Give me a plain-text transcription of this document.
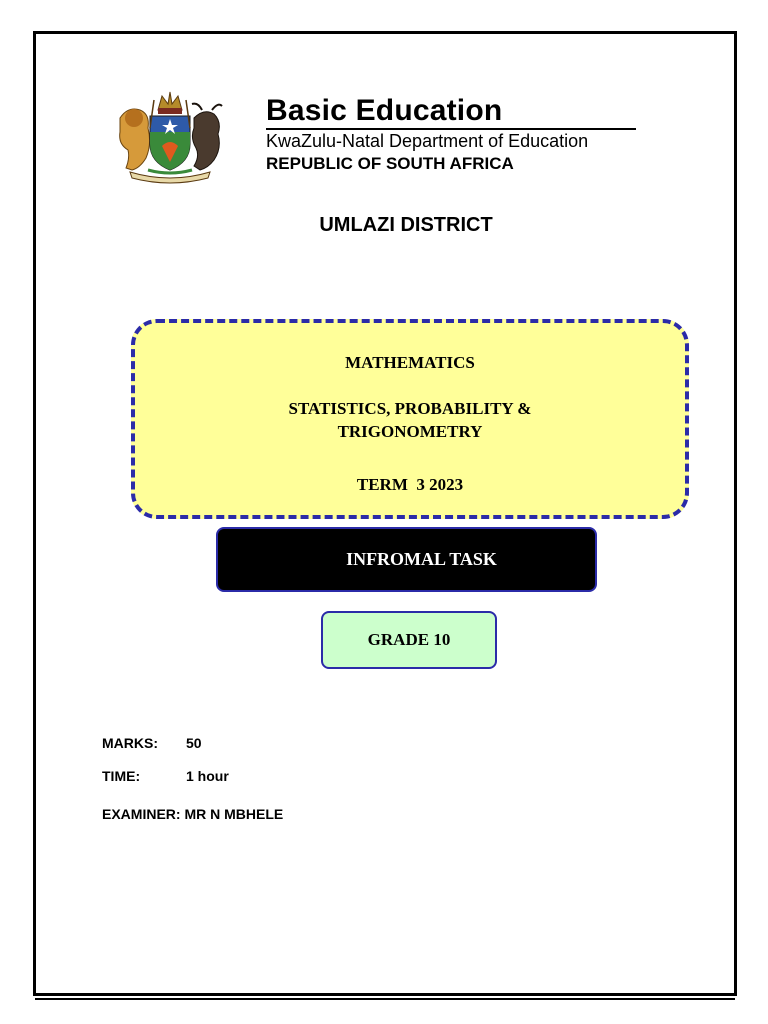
Basic Education
KwaZulu-Natal Department of Education
REPUBLIC OF SOUTH AFRICA
UMLAZI DISTRICT
MATHEMATICS
STATISTICS, PROBABILITY &
TRIGONOMETRY
TERM  3 2023
INFROMAL TASK
GRADE 10
MARKS: 50
TIME:	1 hour
EXAMINER: MR N MBHELE
